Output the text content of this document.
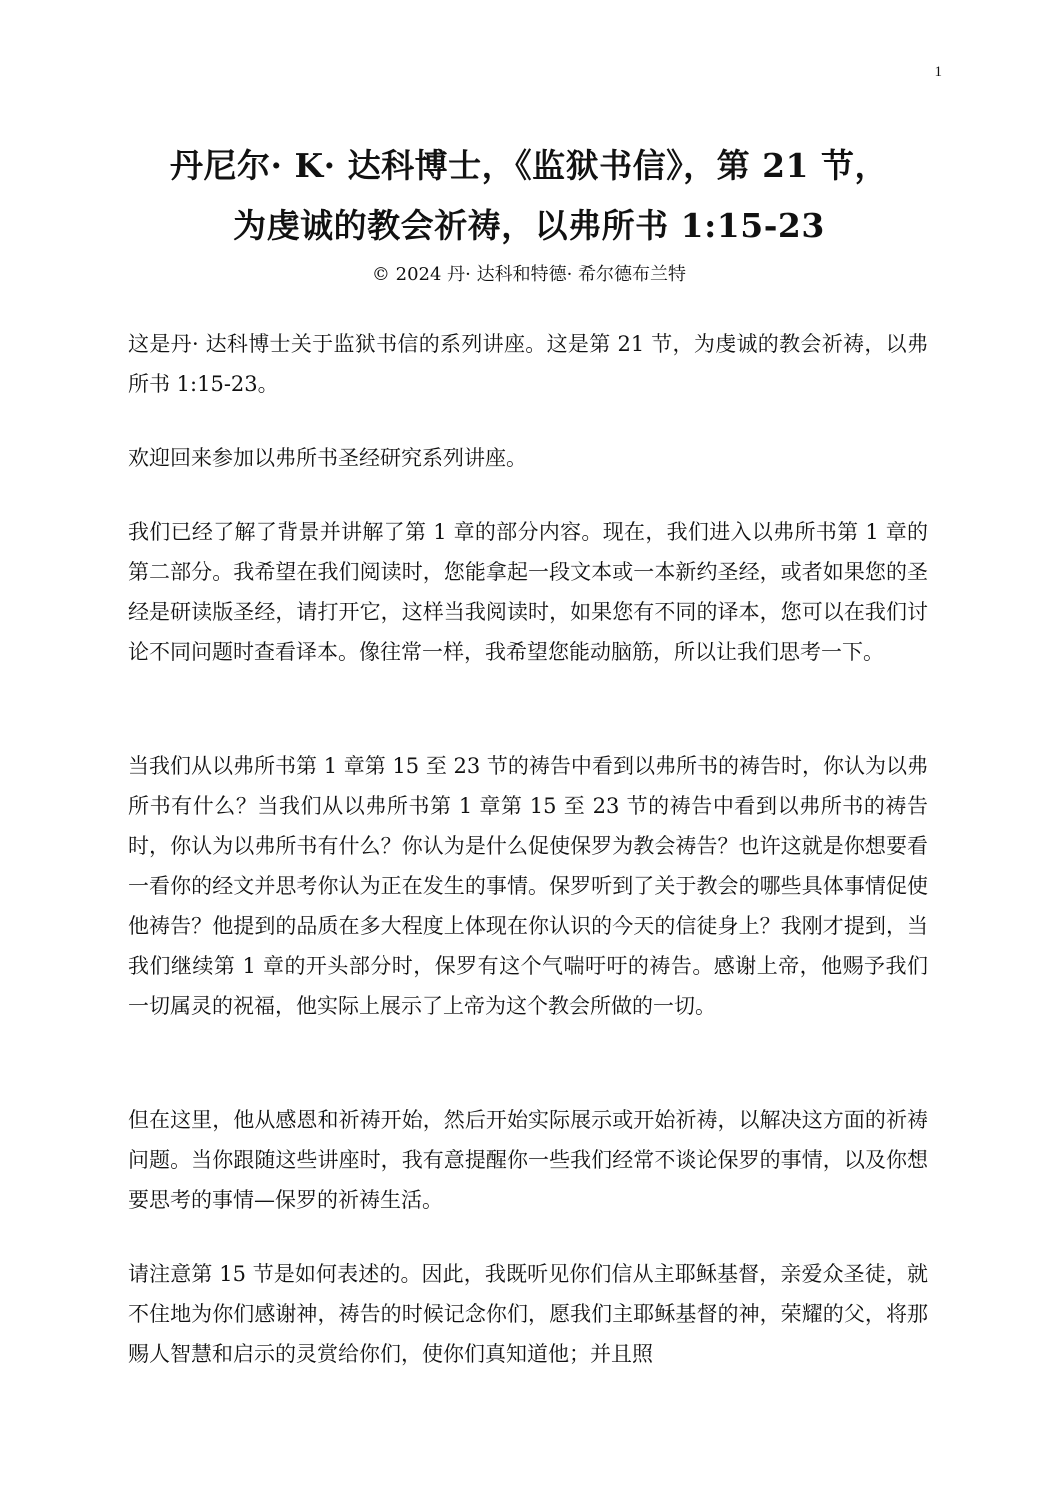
1
丹尼尔· K· 达科博士，《监狱书信》，第 21 节，
为虔诚的教会祈祷，以弗所书 1:15-23
© 2024 丹· 达科和特德· 希尔德布兰特

这是丹· 达科博士关于监狱书信的系列讲座。这是第 21 节，为虔诚的教会祈祷，以弗所书 1:15-23。

欢迎回来参加以弗所书圣经研究系列讲座。

我们已经了解了背景并讲解了第 1 章的部分内容。现在，我们进入以弗所书第 1 章的第二部分。我希望在我们阅读时，您能拿起一段文本或一本新约圣经，或者如果您的圣经是研读版圣经，请打开它，这样当我阅读时，如果您有不同的译本，您可以在我们讨论不同问题时查看译本。像往常一样，我希望您能动脑筋，所以让我们思考一下。

当我们从以弗所书第 1 章第 15 至 23 节的祷告中看到以弗所书的祷告时，你认为以弗所书有什么？当我们从以弗所书第 1 章第 15 至 23 节的祷告中看到以弗所书的祷告时，你认为以弗所书有什么？你认为是什么促使保罗为教会祷告？也许这就是你想要看一看你的经文并思考你认为正在发生的事情。保罗听到了关于教会的哪些具体事情促使他祷告？他提到的品质在多大程度上体现在你认识的今天的信徒身上？我刚才提到，当我们继续第 1 章的开头部分时，保罗有这个气喘吁吁的祷告。感谢上帝，他赐予我们一切属灵的祝福，他实际上展示了上帝为这个教会所做的一切。

但在这里，他从感恩和祈祷开始，然后开始实际展示或开始祈祷，以解决这方面的祈祷问题。当你跟随这些讲座时，我有意提醒你一些我们经常不谈论保罗的事情，以及你想要思考的事情—保罗的祈祷生活。

请注意第 15 节是如何表述的。因此，我既听见你们信从主耶稣基督，亲爱众圣徒，就不住地为你们感谢神，祷告的时候记念你们，愿我们主耶稣基督的神，荣耀的父，将那赐人智慧和启示的灵赏给你们，使你们真知道他；并且照
